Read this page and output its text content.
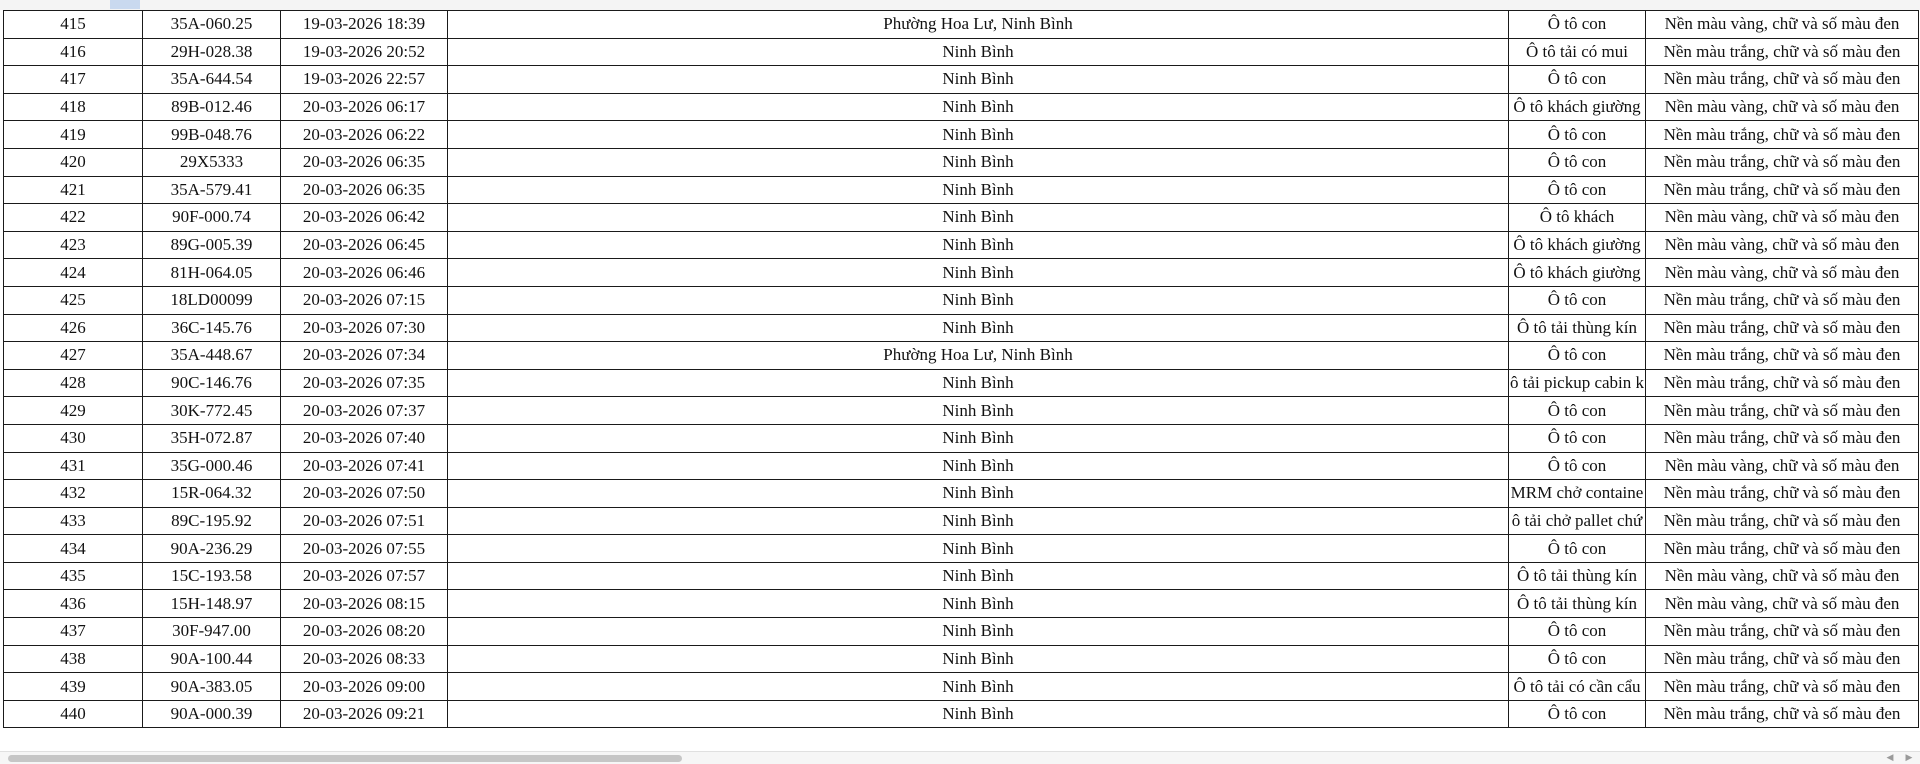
415	35A-060.25	19-03-2026 18:39	Phường Hoa Lư, Ninh Bình	Ô tô con	Nền màu vàng, chữ và số màu đen
416	29H-028.38	19-03-2026 20:52	Ninh Bình	Ô tô tải có mui	Nền màu trắng, chữ và số màu đen
417	35A-644.54	19-03-2026 22:57	Ninh Bình	Ô tô con	Nền màu trắng, chữ và số màu đen
418	89B-012.46	20-03-2026 06:17	Ninh Bình	Ô tô khách giường	Nền màu vàng, chữ và số màu đen
419	99B-048.76	20-03-2026 06:22	Ninh Bình	Ô tô con	Nền màu trắng, chữ và số màu đen
420	29X5333	20-03-2026 06:35	Ninh Bình	Ô tô con	Nền màu trắng, chữ và số màu đen
421	35A-579.41	20-03-2026 06:35	Ninh Bình	Ô tô con	Nền màu trắng, chữ và số màu đen
422	90F-000.74	20-03-2026 06:42	Ninh Bình	Ô tô khách	Nền màu vàng, chữ và số màu đen
423	89G-005.39	20-03-2026 06:45	Ninh Bình	Ô tô khách giường	Nền màu vàng, chữ và số màu đen
424	81H-064.05	20-03-2026 06:46	Ninh Bình	Ô tô khách giường	Nền màu vàng, chữ và số màu đen
425	18LD00099	20-03-2026 07:15	Ninh Bình	Ô tô con	Nền màu trắng, chữ và số màu đen
426	36C-145.76	20-03-2026 07:30	Ninh Bình	Ô tô tải thùng kín	Nền màu trắng, chữ và số màu đen
427	35A-448.67	20-03-2026 07:34	Phường Hoa Lư, Ninh Bình	Ô tô con	Nền màu trắng, chữ và số màu đen
428	90C-146.76	20-03-2026 07:35	Ninh Bình	ô tải pickup cabin k	Nền màu trắng, chữ và số màu đen
429	30K-772.45	20-03-2026 07:37	Ninh Bình	Ô tô con	Nền màu trắng, chữ và số màu đen
430	35H-072.87	20-03-2026 07:40	Ninh Bình	Ô tô con	Nền màu trắng, chữ và số màu đen
431	35G-000.46	20-03-2026 07:41	Ninh Bình	Ô tô con	Nền màu vàng, chữ và số màu đen
432	15R-064.32	20-03-2026 07:50	Ninh Bình	MRM chở containe	Nền màu trắng, chữ và số màu đen
433	89C-195.92	20-03-2026 07:51	Ninh Bình	ô tải chở pallet chứ	Nền màu trắng, chữ và số màu đen
434	90A-236.29	20-03-2026 07:55	Ninh Bình	Ô tô con	Nền màu trắng, chữ và số màu đen
435	15C-193.58	20-03-2026 07:57	Ninh Bình	Ô tô tải thùng kín	Nền màu vàng, chữ và số màu đen
436	15H-148.97	20-03-2026 08:15	Ninh Bình	Ô tô tải thùng kín	Nền màu vàng, chữ và số màu đen
437	30F-947.00	20-03-2026 08:20	Ninh Bình	Ô tô con	Nền màu trắng, chữ và số màu đen
438	90A-100.44	20-03-2026 08:33	Ninh Bình	Ô tô con	Nền màu trắng, chữ và số màu đen
439	90A-383.05	20-03-2026 09:00	Ninh Bình	Ô tô tải có cần cẩu	Nền màu trắng, chữ và số màu đen
440	90A-000.39	20-03-2026 09:21	Ninh Bình	Ô tô con	Nền màu trắng, chữ và số màu đen
◀	▶
